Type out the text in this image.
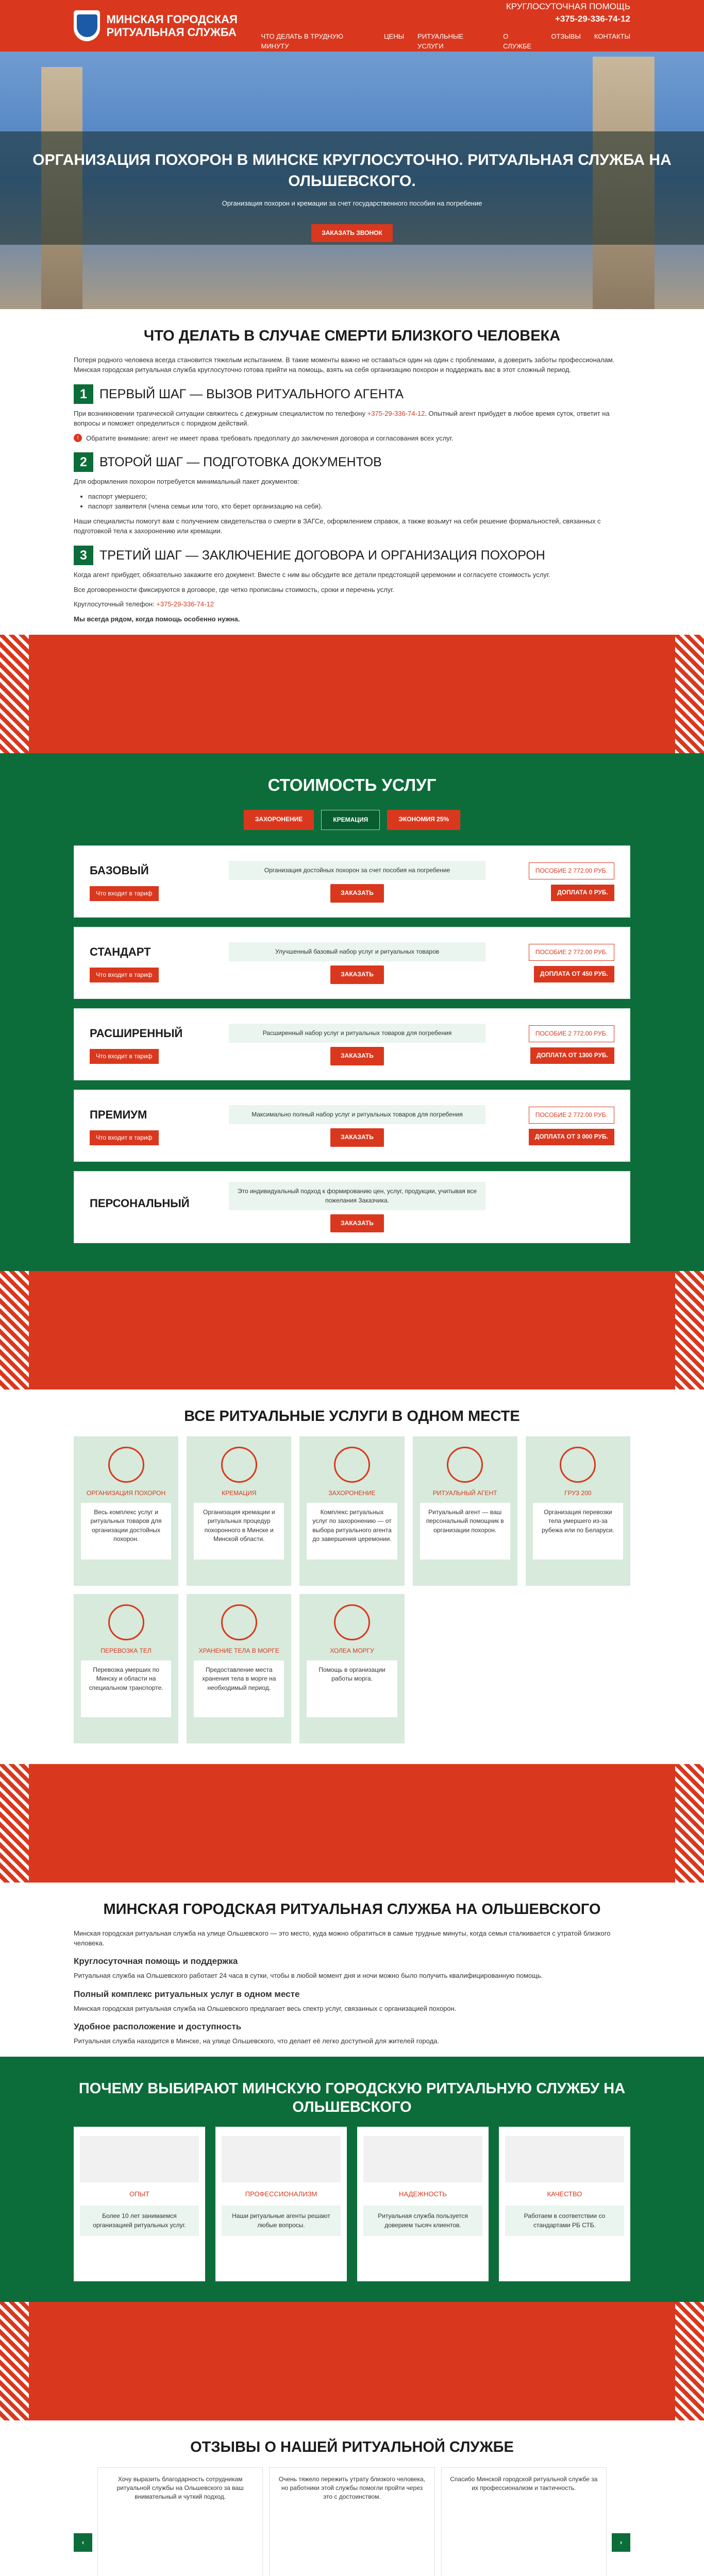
МИНСКАЯ ГОРОДСКАЯ РИТУАЛЬНАЯ СЛУЖБА
КРУГЛОСУТОЧНАЯ ПОМОЩЬ
+375-29-336-74-12
ЧТО ДЕЛАТЬ В ТРУДНУЮ МИНУТУ
ЦЕНЫ РИТУАЛЬНЫЕ УСЛУГИ
О СЛУЖБЕ
ОТЗЫВЫ КОНТАКТЫ
ОРГАНИЗАЦИЯ ПОХОРОН В МИНСКЕ КРУГЛОСУТОЧНО. РИТУАЛЬНАЯ СЛУЖБА НА ОЛЬШЕВСКОГО.
Организация похорон и кремации за счет государственного пособия на погребение
ЗАКАЗАТЬ ЗВОНОК
ЧТО ДЕЛАТЬ В СЛУЧАЕ СМЕРТИ БЛИЗКОГО ЧЕЛОВЕКА

Потеря родного человека всегда становится тяжелым испытанием. В такие моменты важно не оставаться один на один с проблемами, а доверить заботы профессионалам. Минская городская ритуальная служба круглосуточно готова прийти на помощь, взять на себя организацию похорон и поддержать вас в этот сложный период.

1 ПЕРВЫЙ ШАГ — ВЫЗОВ РИТУАЛЬНОГО АГЕНТА

При возникновении трагической ситуации свяжитесь с дежурным специалистом по телефону +375-29-336-74-12. Опытный агент прибудет в любое время суток, ответит на вопросы и поможет определиться с порядком действий.

!	Обратите внимание: агент не имеет права требовать предоплату до заключения договора и согласования всех услуг.

2 ВТОРОЙ ШАГ — ПОДГОТОВКА ДОКУМЕНТОВ

Для оформления похорон потребуется минимальный пакет документов:

• паспорт умершего;
• паспорт заявителя (члена семьи или того, кто берет организацию на себя).

Наши специалисты помогут вам с получением свидетельства о смерти в ЗАГСе, оформлением справок, а также возьмут на себя решение формальностей, связанных с подготовкой тела к захоронению или кремации.

3 ТРЕТИЙ ШАГ — ЗАКЛЮЧЕНИЕ ДОГОВОРА И ОРГАНИЗАЦИЯ ПОХОРОН

Когда агент прибудет, обязательно закажите его документ. Вместе с ним вы обсудите все детали предстоящей церемонии и согласуете стоимость услуг.

Все договоренности фиксируются в договоре, где четко прописаны стоимость, сроки и перечень услуг.

Круглосуточный телефон: +375-29-336-74-12

Мы всегда рядом, когда помощь особенно нужна.

СТОИМОСТЬ УСЛУГ
ЗАХОРОНЕНИЕ	КРЕМАЦИЯ	ЭКОНОМИЯ 25%
БАЗОВЫЙ
Что входит в тариф
Организация достойных похорон за счет пособия на погребение
ЗАКАЗАТЬ
ПОСОБИЕ 2 772.00 РУБ.
ДОПЛАТА 0 РУБ.
СТАНДАРТ
Что входит в тариф
Улучшенный базовый набор услуг и ритуальных товаров
ЗАКАЗАТЬ
ПОСОБИЕ 2 772.00 РУБ.
ДОПЛАТА ОТ 450 РУБ.
РАСШИРЕННЫЙ
Что входит в тариф
Расширенный набор услуг и ритуальных товаров для погребения
ЗАКАЗАТЬ
ПОСОБИЕ 2 772.00 РУБ.
ДОПЛАТА ОТ 1300 РУБ.
ПРЕМИУМ
Что входит в тариф
Максимально полный набор услуг и ритуальных товаров для погребения
ЗАКАЗАТЬ
ПОСОБИЕ 2 772.00 РУБ.
ДОПЛАТА ОТ 3 000 РУБ.
ПЕРСОНАЛЬНЫЙ
Это индивидуальный подход к формированию цен, услуг, продукции, учитывая все пожелания Заказчика.
ЗАКАЗАТЬ
ВСЕ РИТУАЛЬНЫЕ УСЛУГИ В ОДНОМ МЕСТЕ
ОРГАНИЗАЦИЯ ПОХОРОН
Весь комплекс услуг и ритуальных товаров для организации достойных похорон.
КРЕМАЦИЯ
Организация кремации и ритуальных процедур похоронного в Минске и Минской области.
ЗАХОРОНЕНИЕ
Комплекс ритуальных услуг по захоронению — от выбора ритуального агента до завершения церемонии.
РИТУАЛЬНЫЙ АГЕНТ
Ритуальный агент — ваш персональный помощник в организации похорон.
ГРУЗ 200
Организация перевозки тела умершего из-за рубежа или по Беларуси.
ПЕРЕВОЗКА ТЕЛ
Перевозка умерших по Минску и области на специальном транспорте.
ХРАНЕНИЕ ТЕЛА В МОРГЕ
Предоставление места хранения тела в морге на необходимый период.
ХОЛЕА МОРГУ
Помощь в организации работы морга.
МИНСКАЯ ГОРОДСКАЯ РИТУАЛЬНАЯ СЛУЖБА НА ОЛЬШЕВСКОГО

Минская городская ритуальная служба на улице Ольшевского — это место, куда можно обратиться в самые трудные минуты, когда семья сталкивается с утратой близкого человека.

Круглосуточная помощь и поддержка

Ритуальная служба на Ольшевского работает 24 часа в сутки, чтобы в любой момент дня и ночи можно было получить квалифицированную помощь.

Полный комплекс ритуальных услуг в одном месте

Минская городская ритуальная служба на Ольшевского предлагает весь спектр услуг, связанных с организацией похорон.

Удобное расположение и доступность

Ритуальная служба находится в Минске, на улице Ольшевского, что делает её легко доступной для жителей города.

ПОЧЕМУ ВЫБИРАЮТ МИНСКУЮ ГОРОДСКУЮ РИТУАЛЬНУЮ СЛУЖБУ НА ОЛЬШЕВСКОГО
ОПЫТ
Более 10 лет занимаемся организацией ритуальных услуг.
ПРОФЕССИОНАЛИЗМ
Наши ритуальные агенты решают любые вопросы.
НАДЕЖНОСТЬ
Ритуальная служба пользуется доверием тысяч клиентов.
КАЧЕСТВО
Работаем в соответствии со стандартами РБ СТБ.
ОТЗЫВЫ О НАШЕЙ РИТУАЛЬНОЙ СЛУЖБЕ
‹
Хочу выразить благодарность сотрудникам ритуальной службы на Ольшевского за ваш внимательный и чуткий подход.
Очень тяжело пережить утрату близкого человека, но работники этой службы помогли пройти через это с достоинством.
Спасибо Минской городской ритуальной службе за их профессионализм и тактичность.
›
